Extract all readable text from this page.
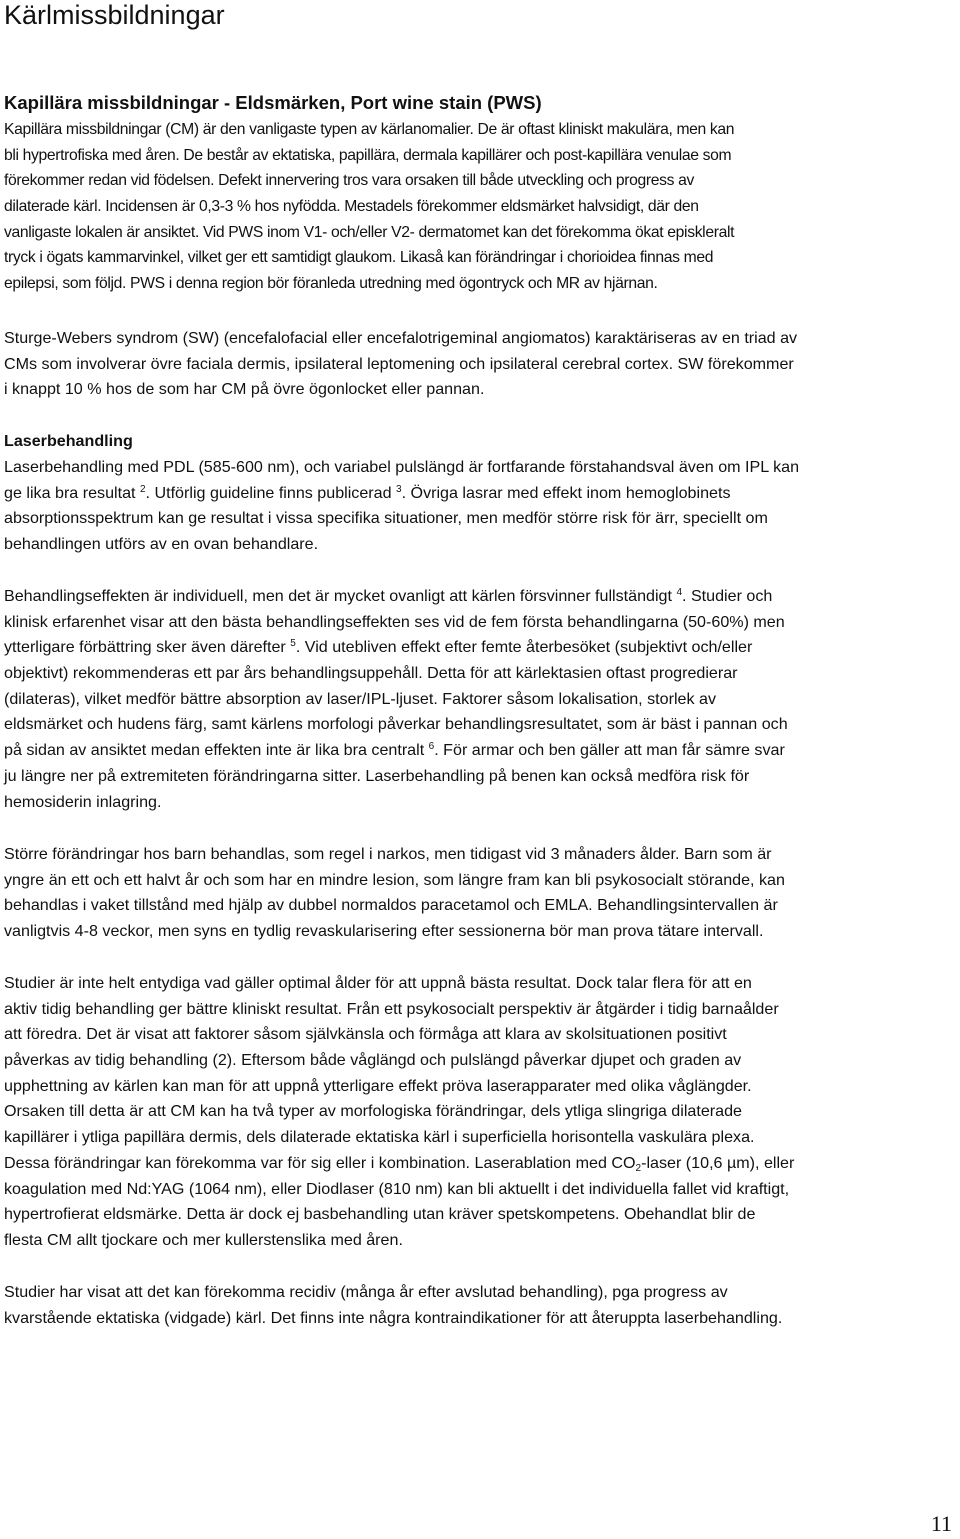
Kärlmissbildningar
Kapillära missbildningar - Eldsmärken, Port wine stain (PWS)

Kapillära missbildningar (CM) är den vanligaste typen av kärlanomalier. De är oftast kliniskt makulära, men kan
bli hypertrofiska med åren. De består av ektatiska, papillära, dermala kapillärer och post-kapillära venulae som
förekommer redan vid födelsen. Defekt innervering tros vara orsaken till både utveckling och progress av
dilaterade kärl. Incidensen är 0,3-3 % hos nyfödda. Mestadels förekommer eldsmärket halvsidigt, där den
vanligaste lokalen är ansiktet. Vid PWS inom V1- och/eller V2- dermatomet kan det förekomma ökat episkleralt
tryck i ögats kammarvinkel, vilket ger ett samtidigt glaukom. Likaså kan förändringar i chorioidea finnas med
epilepsi, som följd. PWS i denna region bör föranleda utredning med ögontryck och MR av hjärnan.

Sturge-Webers syndrom (SW) (encefalofacial eller encefalotrigeminal angiomatos) karaktäriseras av en triad av
CMs som involverar övre faciala dermis, ipsilateral leptomening och ipsilateral cerebral cortex. SW förekommer
i knappt 10 % hos de som har CM på övre ögonlocket eller pannan.

Laserbehandling

Laserbehandling med PDL (585-600 nm), och variabel pulslängd är fortfarande förstahandsval även om IPL kan
ge lika bra resultat $^2$. Utförlig guideline finns publicerad $^3$. Övriga lasrar med effekt inom hemoglobinets
absorptionsspektrum kan ge resultat i vissa specifika situationer, men medför större risk för ärr, speciellt om
behandlingen utförs av en ovan behandlare.

Behandlingseffekten är individuell, men det är mycket ovanligt att kärlen försvinner fullständigt $^4$. Studier och
klinisk erfarenhet visar att den bästa behandlingseffekten ses vid de fem första behandlingarna (50-60%) men
ytterligare förbättring sker även därefter $^5$. Vid utebliven effekt efter femte återbesöket (subjektivt och/eller
objektivt) rekommenderas ett par års behandlingsuppehåll. Detta för att kärlektasien oftast progredierar
(dilateras), vilket medför bättre absorption av laser/IPL-ljuset. Faktorer såsom lokalisation, storlek av
eldsmärket och hudens färg, samt kärlens morfologi påverkar behandlingsresultatet, som är bäst i pannan och
på sidan av ansiktet medan effekten inte är lika bra centralt $^6$. För armar och ben gäller att man får sämre svar
ju längre ner på extremiteten förändringarna sitter. Laserbehandling på benen kan också medföra risk för
hemosiderin inlagring.

Större förändringar hos barn behandlas, som regel i narkos, men tidigast vid 3 månaders ålder. Barn som är
yngre än ett och ett halvt år och som har en mindre lesion, som längre fram kan bli psykosocialt störande, kan
behandlas i vaket tillstånd med hjälp av dubbel normaldos paracetamol och EMLA. Behandlingsintervallen är
vanligtvis 4-8 veckor, men syns en tydlig revaskularisering efter sessionerna bör man prova tätare intervall.

Studier är inte helt entydiga vad gäller optimal ålder för att uppnå bästa resultat. Dock talar flera för att en
aktiv tidig behandling ger bättre kliniskt resultat. Från ett psykosocialt perspektiv är åtgärder i tidig barnaålder
att föredra. Det är visat att faktorer såsom självkänsla och förmåga att klara av skolsituationen positivt
påverkas av tidig behandling (2). Eftersom både våglängd och pulslängd påverkar djupet och graden av
upphettning av kärlen kan man för att uppnå ytterligare effekt pröva laserapparater med olika våglängder.
Orsaken till detta är att CM kan ha två typer av morfologiska förändringar, dels ytliga slingriga dilaterade
kapillärer i ytliga papillära dermis, dels dilaterade ektatiska kärl i superficiella horisontella vaskulära plexa.
Dessa förändringar kan förekomma var för sig eller i kombination. Laserablation med $CO_2$-laser (10,6 µm), eller
koagulation med Nd:YAG (1064 nm), eller Diodlaser (810 nm) kan bli aktuellt i det individuella fallet vid kraftigt,
hypertrofierat eldsmärke. Detta är dock ej basbehandling utan kräver spetskompetens. Obehandlat blir de
flesta CM allt tjockare och mer kullerstenslika med åren.

Studier har visat att det kan förekomma recidiv (många år efter avslutad behandling), pga progress av
kvarstående ektatiska (vidgade) kärl. Det finns inte några kontraindikationer för att återuppta laserbehandling.

11
